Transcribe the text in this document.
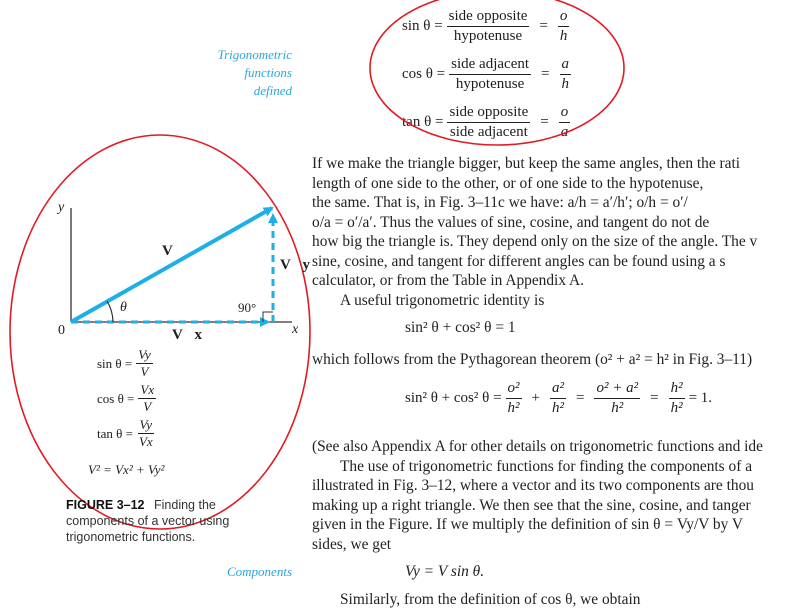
Trigonometric
functions
defined
$\sin \theta = \frac{\text{side opposite}}{\text{hypotenuse}} = \frac{o}{h}$
$\cos \theta = \frac{\text{side adjacent}}{\text{hypotenuse}} = \frac{a}{h}$
$\tan \theta = \frac{\text{side opposite}}{\text{side adjacent}} = \frac{o}{a}$
If we make the triangle bigger, but keep the same angles, then the rati
length of one side to the other, or of one side to the hypotenuse,
the same. That is, in Fig. 3–11c we have: a/h = a′/h′; o/h = o′/
o/a = o′/a′. Thus the values of sine, cosine, and tangent do not de
how big the triangle is. They depend only on the size of the angle. The v
sine, cosine, and tangent for different angles can be found using a s
calculator, or from the Table in Appendix A.
A useful trigonometric identity is
sin² θ + cos² θ = 1
which follows from the Pythagorean theorem (o² + a² = h² in Fig. 3–11)
sin² θ + cos² $\theta = \frac{\text{o²}}{\text{h²}} + \frac{\text{a²}}{\text{h²}} = \frac{\text{o² + a²}}{\text{h²}} = \frac{\text{h²}}{\text{h²}} = 1$.
(See also Appendix A for other details on trigonometric functions and ide
The use of trigonometric functions for finding the components of a
illustrated in Fig. 3–12, where a vector and its two components are thou
making up a right triangle. We then see that the sine, cosine, and tanger
given in the Figure. If we multiply the definition of sin θ = Vy/V by V
sides, we get
Vy = V sin θ.
Components
Similarly, from the definition of cos θ, we obtain
y
x
0
V⃗
V⃗y
V⃗x
θ	90°
$\sin \theta = \frac{Vy}{V}$
$\cos \theta = \frac{Vx}{V}$
$\tan \theta = \frac{Vy}{Vx}$
V² = Vx² + Vy²
FIGURE 3–12 Finding the
components of a vector using
trigonometric functions.
